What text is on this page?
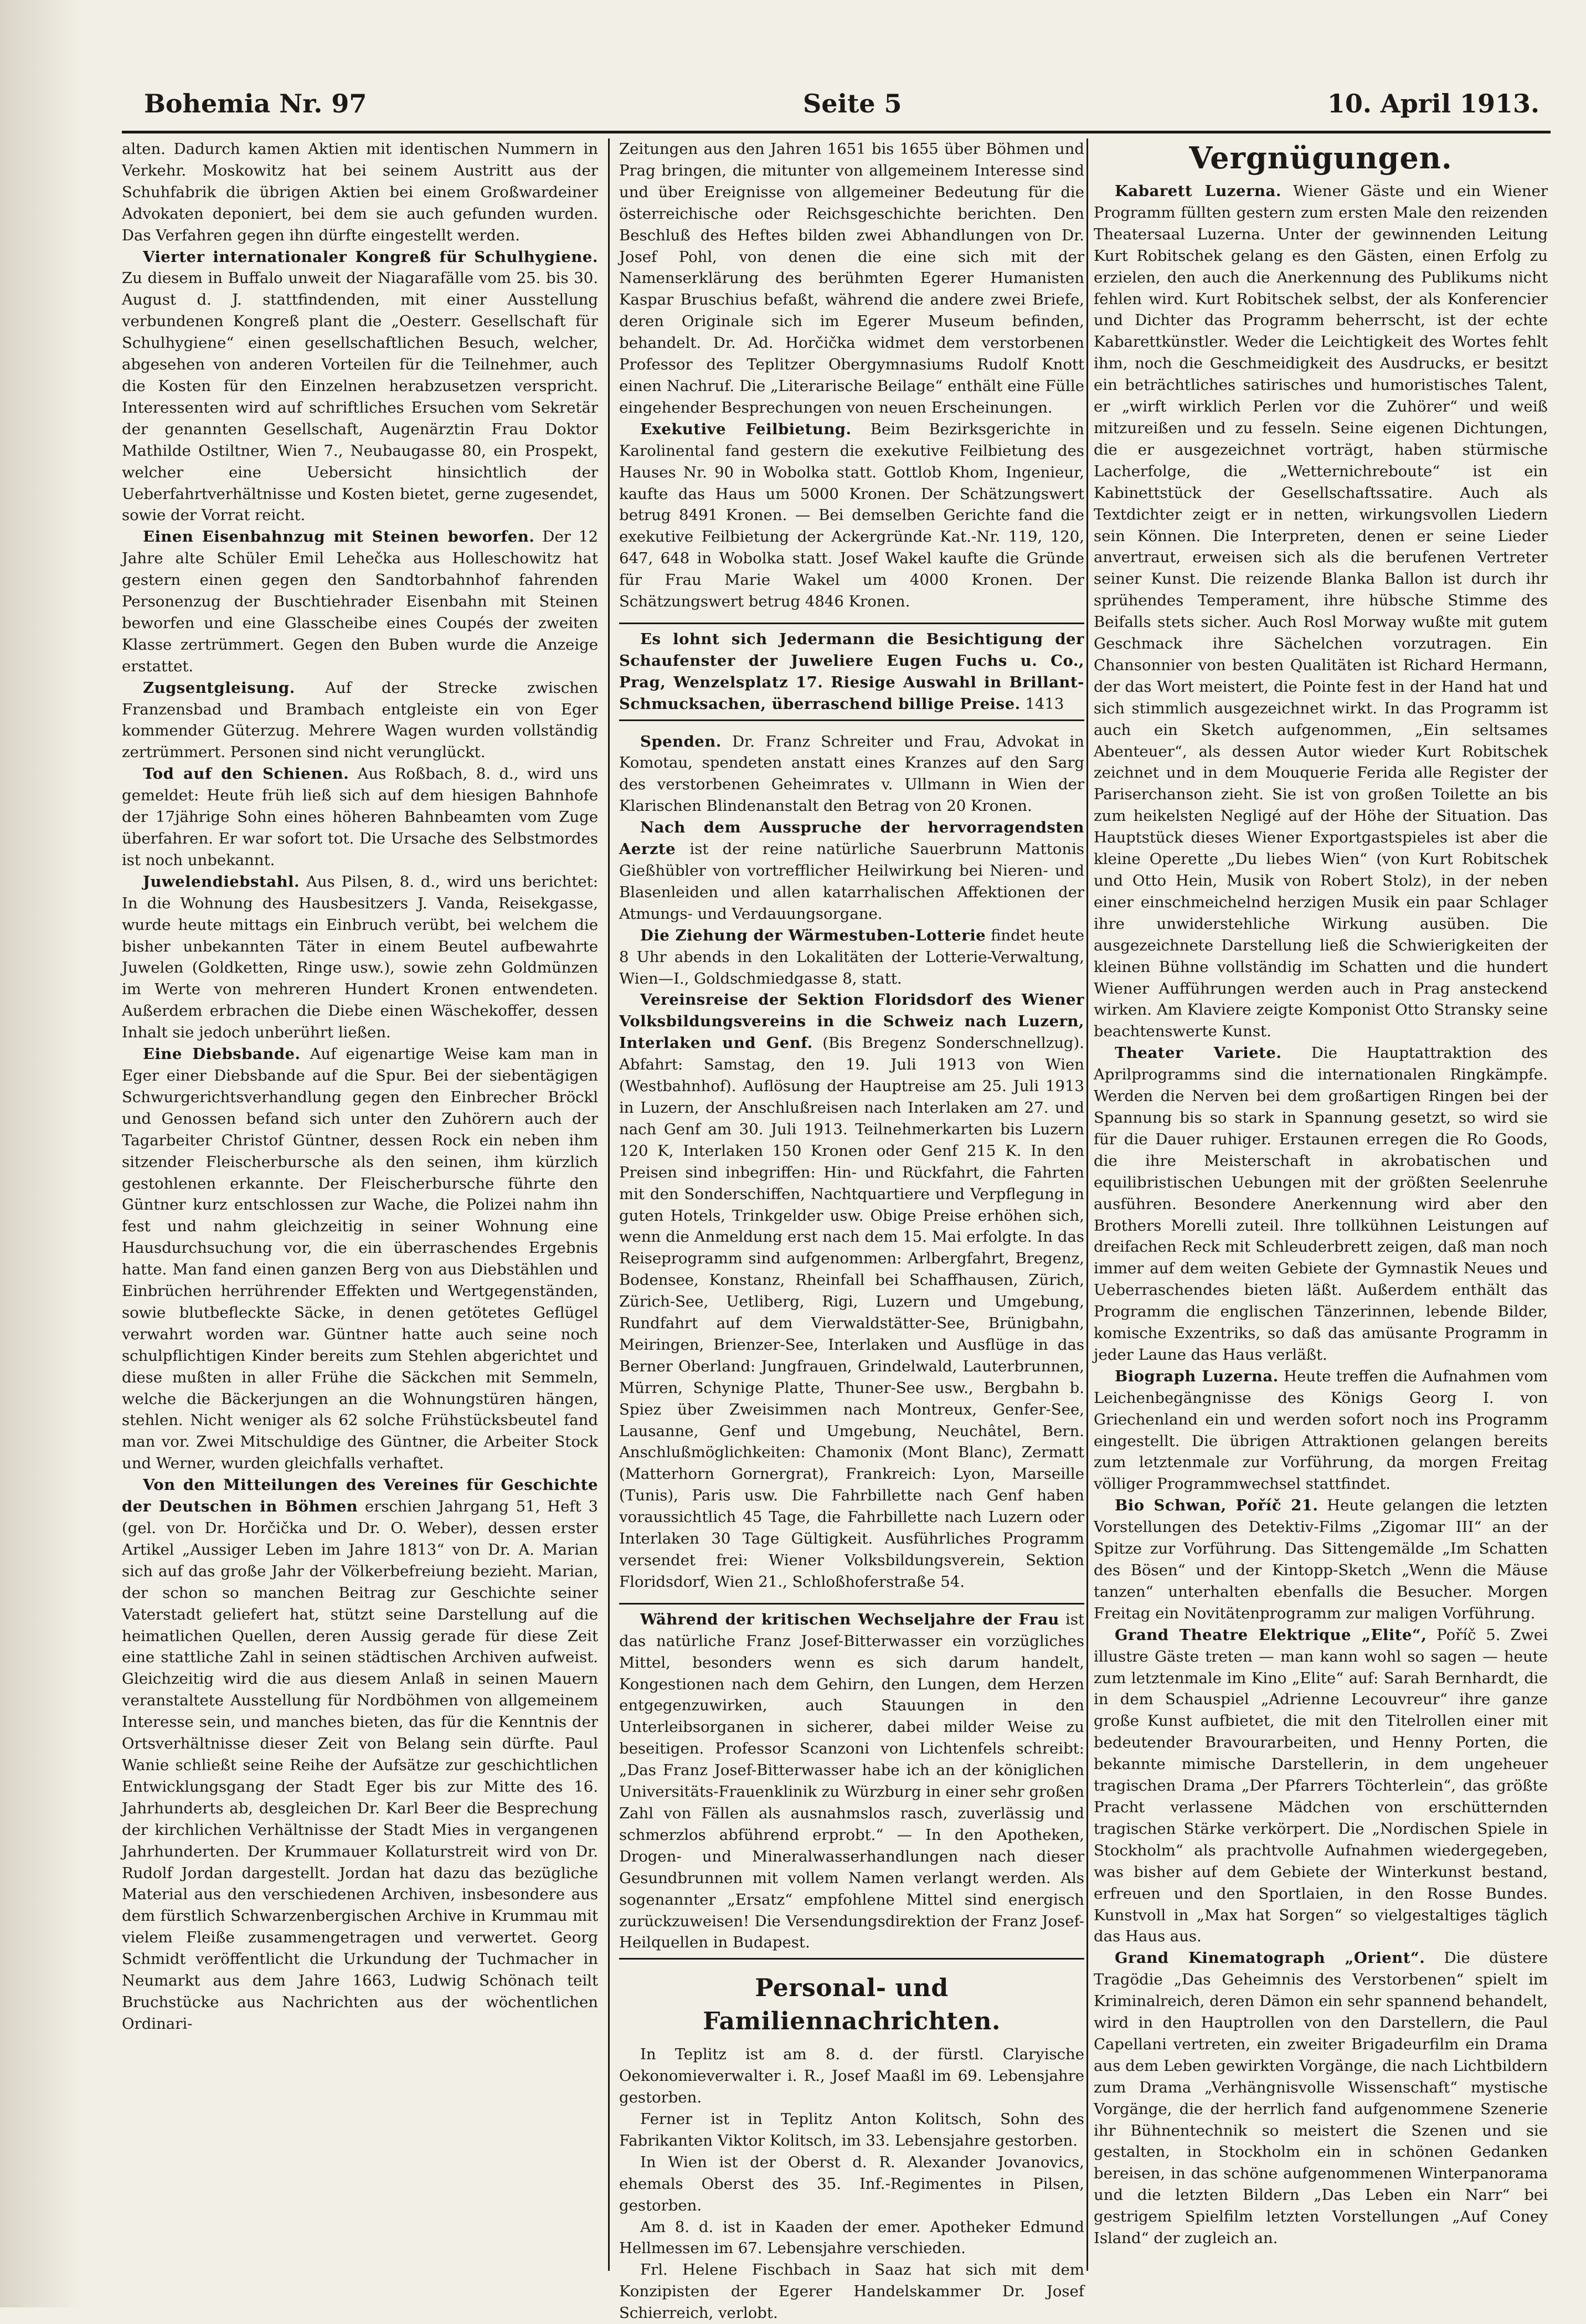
Bohemia Nr. 97	Seite 5	10. April 1913.

alten. Dadurch kamen Aktien mit identischen Nummern in Verkehr. Moskowitz hat bei seinem Austritt aus der Schuhfabrik die übrigen Aktien bei einem Großwardeiner Advokaten deponiert, bei dem sie auch gefunden wurden. Das Verfahren gegen ihn dürfte eingestellt werden.

Vierter internationaler Kongreß für Schulhygiene. Zu diesem in Buffalo unweit der Niagarafälle vom 25. bis 30. August d. J. stattfindenden, mit einer Ausstellung verbundenen Kongreß plant die „Oesterr. Gesellschaft für Schulhygiene“ einen gesellschaftlichen Besuch, welcher, abgesehen von anderen Vorteilen für die Teilnehmer, auch die Kosten für den Einzelnen herabzusetzen verspricht. Interessenten wird auf schriftliches Ersuchen vom Sekretär der genannten Gesellschaft, Augenärztin Frau Doktor Mathilde Ostiltner, Wien 7., Neubaugasse 80, ein Prospekt, welcher eine Uebersicht hinsichtlich der Ueberfahrtverhältnisse und Kosten bietet, gerne zugesendet, sowie der Vorrat reicht.

Einen Eisenbahnzug mit Steinen beworfen. Der 12 Jahre alte Schüler Emil Lehečka aus Holleschowitz hat gestern einen gegen den Sandtorbahnhof fahrenden Personenzug der Buschtiehrader Eisenbahn mit Steinen beworfen und eine Glasscheibe eines Coupés der zweiten Klasse zertrümmert. Gegen den Buben wurde die Anzeige erstattet.

Zugsentgleisung. Auf der Strecke zwischen Franzensbad und Brambach entgleiste ein von Eger kommender Güterzug. Mehrere Wagen wurden vollständig zertrümmert. Personen sind nicht verunglückt.

Tod auf den Schienen. Aus Roßbach, 8. d., wird uns gemeldet: Heute früh ließ sich auf dem hiesigen Bahnhofe der 17jährige Sohn eines höheren Bahnbeamten vom Zuge überfahren. Er war sofort tot. Die Ursache des Selbstmordes ist noch unbekannt.

Juwelendiebstahl. Aus Pilsen, 8. d., wird uns berichtet: In die Wohnung des Hausbesitzers J. Vanda, Reisekgasse, wurde heute mittags ein Einbruch verübt, bei welchem die bisher unbekannten Täter in einem Beutel aufbewahrte Juwelen (Goldketten, Ringe usw.), sowie zehn Goldmünzen im Werte von mehreren Hundert Kronen entwendeten. Außerdem erbrachen die Diebe einen Wäschekoffer, dessen Inhalt sie jedoch unberührt ließen.

Eine Diebsbande. Auf eigenartige Weise kam man in Eger einer Diebsbande auf die Spur. Bei der siebentägigen Schwurgerichtsverhandlung gegen den Einbrecher Bröckl und Genossen befand sich unter den Zuhörern auch der Tagarbeiter Christof Güntner, dessen Rock ein neben ihm sitzender Fleischerbursche als den seinen, ihm kürzlich gestohlenen erkannte. Der Fleischerbursche führte den Güntner kurz entschlossen zur Wache, die Polizei nahm ihn fest und nahm gleichzeitig in seiner Wohnung eine Hausdurchsuchung vor, die ein überraschendes Ergebnis hatte. Man fand einen ganzen Berg von aus Diebstählen und Einbrüchen herrührender Effekten und Wertgegenständen, sowie blutbefleckte Säcke, in denen getötetes Geflügel verwahrt worden war. Güntner hatte auch seine noch schulpflichtigen Kinder bereits zum Stehlen abgerichtet und diese mußten in aller Frühe die Säckchen mit Semmeln, welche die Bäckerjungen an die Wohnungstüren hängen, stehlen. Nicht weniger als 62 solche Frühstücksbeutel fand man vor. Zwei Mitschuldige des Güntner, die Arbeiter Stock und Werner, wurden gleichfalls verhaftet.

Von den Mitteilungen des Vereines für Geschichte der Deutschen in Böhmen erschien Jahrgang 51, Heft 3 (gel. von Dr. Horčička und Dr. O. Weber), dessen erster Artikel „Aussiger Leben im Jahre 1813“ von Dr. A. Marian sich auf das große Jahr der Völkerbefreiung bezieht. Marian, der schon so manchen Beitrag zur Geschichte seiner Vaterstadt geliefert hat, stützt seine Darstellung auf die heimatlichen Quellen, deren Aussig gerade für diese Zeit eine stattliche Zahl in seinen städtischen Archiven aufweist. Gleichzeitig wird die aus diesem Anlaß in seinen Mauern veranstaltete Ausstellung für Nordböhmen von allgemeinem Interesse sein, und manches bieten, das für die Kenntnis der Ortsverhältnisse dieser Zeit von Belang sein dürfte. Paul Wanie schließt seine Reihe der Aufsätze zur geschichtlichen Entwicklungsgang der Stadt Eger bis zur Mitte des 16. Jahrhunderts ab, desgleichen Dr. Karl Beer die Besprechung der kirchlichen Verhältnisse der Stadt Mies in vergangenen Jahrhunderten. Der Krummauer Kollaturstreit wird von Dr. Rudolf Jordan dargestellt. Jordan hat dazu das bezügliche Material aus den verschiedenen Archiven, insbesondere aus dem fürstlich Schwarzenbergischen Archive in Krummau mit vielem Fleiße zusammengetragen und verwertet. Georg Schmidt veröffentlicht die Urkundung der Tuchmacher in Neumarkt aus dem Jahre 1663, Ludwig Schönach teilt Bruchstücke aus Nachrichten aus der wöchentlichen Ordinari-

Zeitungen aus den Jahren 1651 bis 1655 über Böhmen und Prag bringen, die mitunter von allgemeinem Interesse sind und über Ereignisse von allgemeiner Bedeutung für die österreichische oder Reichsgeschichte berichten. Den Beschluß des Heftes bilden zwei Abhandlungen von Dr. Josef Pohl, von denen die eine sich mit der Namenserklärung des berühmten Egerer Humanisten Kaspar Bruschius befaßt, während die andere zwei Briefe, deren Originale sich im Egerer Museum befinden, behandelt. Dr. Ad. Horčička widmet dem verstorbenen Professor des Teplitzer Obergymnasiums Rudolf Knott einen Nachruf. Die „Literarische Beilage“ enthält eine Fülle eingehender Besprechungen von neuen Erscheinungen.

Exekutive Feilbietung. Beim Bezirksgerichte in Karolinental fand gestern die exekutive Feilbietung des Hauses Nr. 90 in Wobolka statt. Gottlob Khom, Ingenieur, kaufte das Haus um 5000 Kronen. Der Schätzungswert betrug 8491 Kronen. — Bei demselben Gerichte fand die exekutive Feilbietung der Ackergründe Kat.-Nr. 119, 120, 647, 648 in Wobolka statt. Josef Wakel kaufte die Gründe für Frau Marie Wakel um 4000 Kronen. Der Schätzungswert betrug 4846 Kronen.

Es lohnt sich Jedermann die Besichtigung der Schaufenster der Juweliere Eugen Fuchs u. Co., Prag, Wenzelsplatz 17. Riesige Auswahl in Brillant-Schmucksachen, überraschend billige Preise. 1413

Spenden. Dr. Franz Schreiter und Frau, Advokat in Komotau, spendeten anstatt eines Kranzes auf den Sarg des verstorbenen Geheimrates v. Ullmann in Wien der Klarischen Blindenanstalt den Betrag von 20 Kronen.

Nach dem Ausspruche der hervorragendsten Aerzte ist der reine natürliche Sauerbrunn Mattonis Gießhübler von vortrefflicher Heilwirkung bei Nieren- und Blasenleiden und allen katarrhalischen Affektionen der Atmungs- und Verdauungsorgane.

Die Ziehung der Wärmestuben-Lotterie findet heute 8 Uhr abends in den Lokalitäten der Lotterie-Verwaltung, Wien—I., Goldschmiedgasse 8, statt.

Vereinsreise der Sektion Floridsdorf des Wiener Volksbildungsvereins in die Schweiz nach Luzern, Interlaken und Genf. (Bis Bregenz Sonderschnellzug). Abfahrt: Samstag, den 19. Juli 1913 von Wien (Westbahnhof). Auflösung der Hauptreise am 25. Juli 1913 in Luzern, der Anschlußreisen nach Interlaken am 27. und nach Genf am 30. Juli 1913. Teilnehmerkarten bis Luzern 120 K, Interlaken 150 Kronen oder Genf 215 K. In den Preisen sind inbegriffen: Hin- und Rückfahrt, die Fahrten mit den Sonderschiffen, Nachtquartiere und Verpflegung in guten Hotels, Trinkgelder usw. Obige Preise erhöhen sich, wenn die Anmeldung erst nach dem 15. Mai erfolgte. In das Reiseprogramm sind aufgenommen: Arlbergfahrt, Bregenz, Bodensee, Konstanz, Rheinfall bei Schaffhausen, Zürich, Zürich-See, Uetliberg, Rigi, Luzern und Umgebung, Rundfahrt auf dem Vierwaldstätter-See, Brünigbahn, Meiringen, Brienzer-See, Interlaken und Ausflüge in das Berner Oberland: Jungfrauen, Grindelwald, Lauterbrunnen, Mürren, Schynige Platte, Thuner-See usw., Bergbahn b. Spiez über Zweisimmen nach Montreux, Genfer-See, Lausanne, Genf und Umgebung, Neuchâtel, Bern. Anschlußmöglichkeiten: Chamonix (Mont Blanc), Zermatt (Matterhorn Gornergrat), Frankreich: Lyon, Marseille (Tunis), Paris usw. Die Fahrbillette nach Genf haben voraussichtlich 45 Tage, die Fahrbillette nach Luzern oder Interlaken 30 Tage Gültigkeit. Ausführliches Programm versendet frei: Wiener Volksbildungsverein, Sektion Floridsdorf, Wien 21., Schloßhoferstraße 54.

Während der kritischen Wechseljahre der Frau ist das natürliche Franz Josef-Bitterwasser ein vorzügliches Mittel, besonders wenn es sich darum handelt, Kongestionen nach dem Gehirn, den Lungen, dem Herzen entgegenzuwirken, auch Stauungen in den Unterleibsorganen in sicherer, dabei milder Weise zu beseitigen. Professor Scanzoni von Lichtenfels schreibt: „Das Franz Josef-Bitterwasser habe ich an der königlichen Universitäts-Frauenklinik zu Würzburg in einer sehr großen Zahl von Fällen als ausnahmslos rasch, zuverlässig und schmerzlos abführend erprobt.“ — In den Apotheken, Drogen- und Mineralwasserhandlungen nach dieser Gesundbrunnen mit vollem Namen verlangt werden. Als sogenannter „Ersatz“ empfohlene Mittel sind energisch zurückzuweisen! Die Versendungsdirektion der Franz Josef-Heilquellen in Budapest.

Personal- und Familiennachrichten.

In Teplitz ist am 8. d. der fürstl. Claryische Oekonomieverwalter i. R., Josef Maaßl im 69. Lebensjahre gestorben.

Ferner ist in Teplitz Anton Kolitsch, Sohn des Fabrikanten Viktor Kolitsch, im 33. Lebensjahre gestorben.

In Wien ist der Oberst d. R. Alexander Jovanovics, ehemals Oberst des 35. Inf.-Regimentes in Pilsen, gestorben.

Am 8. d. ist in Kaaden der emer. Apotheker Edmund Hellmessen im 67. Lebensjahre verschieden.

Frl. Helene Fischbach in Saaz hat sich mit dem Konzipisten der Egerer Handelskammer Dr. Josef Schierreich, verlobt.

Vergnügungen.

Kabarett Luzerna. Wiener Gäste und ein Wiener Programm füllten gestern zum ersten Male den reizenden Theatersaal Luzerna. Unter der gewinnenden Leitung Kurt Robitschek gelang es den Gästen, einen Erfolg zu erzielen, den auch die Anerkennung des Publikums nicht fehlen wird. Kurt Robitschek selbst, der als Konferencier und Dichter das Programm beherrscht, ist der echte Kabarettkünstler. Weder die Leichtigkeit des Wortes fehlt ihm, noch die Geschmeidigkeit des Ausdrucks, er besitzt ein beträchtliches satirisches und humoristisches Talent, er „wirft wirklich Perlen vor die Zuhörer“ und weiß mitzureißen und zu fesseln. Seine eigenen Dichtungen, die er ausgezeichnet vorträgt, haben stürmische Lacherfolge, die „Wetternichreboute“ ist ein Kabinettstück der Gesellschaftssatire. Auch als Textdichter zeigt er in netten, wirkungsvollen Liedern sein Können. Die Interpreten, denen er seine Lieder anvertraut, erweisen sich als die berufenen Vertreter seiner Kunst. Die reizende Blanka Ballon ist durch ihr sprühendes Temperament, ihre hübsche Stimme des Beifalls stets sicher. Auch Rosl Morway wußte mit gutem Geschmack ihre Sächelchen vorzutragen. Ein Chansonnier von besten Qualitäten ist Richard Hermann, der das Wort meistert, die Pointe fest in der Hand hat und sich stimmlich ausgezeichnet wirkt. In das Programm ist auch ein Sketch aufgenommen, „Ein seltsames Abenteuer“, als dessen Autor wieder Kurt Robitschek zeichnet und in dem Mouquerie Ferida alle Register der Pariserchanson zieht. Sie ist von großen Toilette an bis zum heikelsten Negligé auf der Höhe der Situation. Das Hauptstück dieses Wiener Exportgastspieles ist aber die kleine Operette „Du liebes Wien“ (von Kurt Robitschek und Otto Hein, Musik von Robert Stolz), in der neben einer einschmeichelnd herzigen Musik ein paar Schlager ihre unwiderstehliche Wirkung ausüben. Die ausgezeichnete Darstellung ließ die Schwierigkeiten der kleinen Bühne vollständig im Schatten und die hundert Wiener Aufführungen werden auch in Prag ansteckend wirken. Am Klaviere zeigte Komponist Otto Stransky seine beachtenswerte Kunst.

Theater Variete. Die Hauptattraktion des Aprilprogramms sind die internationalen Ringkämpfe. Werden die Nerven bei dem großartigen Ringen bei der Spannung bis so stark in Spannung gesetzt, so wird sie für die Dauer ruhiger. Erstaunen erregen die Ro Goods, die ihre Meisterschaft in akrobatischen und equilibristischen Uebungen mit der größten Seelenruhe ausführen. Besondere Anerkennung wird aber den Brothers Morelli zuteil. Ihre tollkühnen Leistungen auf dreifachen Reck mit Schleuderbrett zeigen, daß man noch immer auf dem weiten Gebiete der Gymnastik Neues und Ueberraschendes bieten läßt. Außerdem enthält das Programm die englischen Tänzerinnen, lebende Bilder, komische Exzentriks, so daß das amüsante Programm in jeder Laune das Haus verläßt.

Biograph Luzerna. Heute treffen die Aufnahmen vom Leichenbegängnisse des Königs Georg I. von Griechenland ein und werden sofort noch ins Programm eingestellt. Die übrigen Attraktionen gelangen bereits zum letztenmale zur Vorführung, da morgen Freitag völliger Programmwechsel stattfindet.

Bio Schwan, Poříč 21. Heute gelangen die letzten Vorstellungen des Detektiv-Films „Zigomar III“ an der Spitze zur Vorführung. Das Sittengemälde „Im Schatten des Bösen“ und der Kintopp-Sketch „Wenn die Mäuse tanzen“ unterhalten ebenfalls die Besucher. Morgen Freitag ein Novitätenprogramm zur maligen Vorführung.

Grand Theatre Elektrique „Elite“, Poříč 5. Zwei illustre Gäste treten — man kann wohl so sagen — heute zum letztenmale im Kino „Elite“ auf: Sarah Bernhardt, die in dem Schauspiel „Adrienne Lecouvreur“ ihre ganze große Kunst aufbietet, die mit den Titelrollen einer mit bedeutender Bravourarbeiten, und Henny Porten, die bekannte mimische Darstellerin, in dem ungeheuer tragischen Drama „Der Pfarrers Töchterlein“, das größte Pracht verlassene Mädchen von erschütternden tragischen Stärke verkörpert. Die „Nordischen Spiele in Stockholm“ als prachtvolle Aufnahmen wiedergegeben, was bisher auf dem Gebiete der Winterkunst bestand, erfreuen und den Sportlaien, in den Rosse Bundes. Kunstvoll in „Max hat Sorgen“ so vielgestaltiges täglich das Haus aus.

Grand Kinematograph „Orient“. Die düstere Tragödie „Das Geheimnis des Verstorbenen“ spielt im Kriminalreich, deren Dämon ein sehr spannend behandelt, wird in den Hauptrollen von den Darstellern, die Paul Capellani vertreten, ein zweiter Brigadeurfilm ein Drama aus dem Leben gewirkten Vorgänge, die nach Lichtbildern zum Drama „Verhängnisvolle Wissenschaft“ mystische Vorgänge, die der herrlich fand aufgenommene Szenerie ihr Bühnentechnik so meistert die Szenen und sie gestalten, in Stockholm ein in schönen Gedanken bereisen, in das schöne aufgenommenen Winterpanorama und die letzten Bildern „Das Leben ein Narr“ bei gestrigem Spielfilm letzten Vorstellungen „Auf Coney Island“ der zugleich an.
